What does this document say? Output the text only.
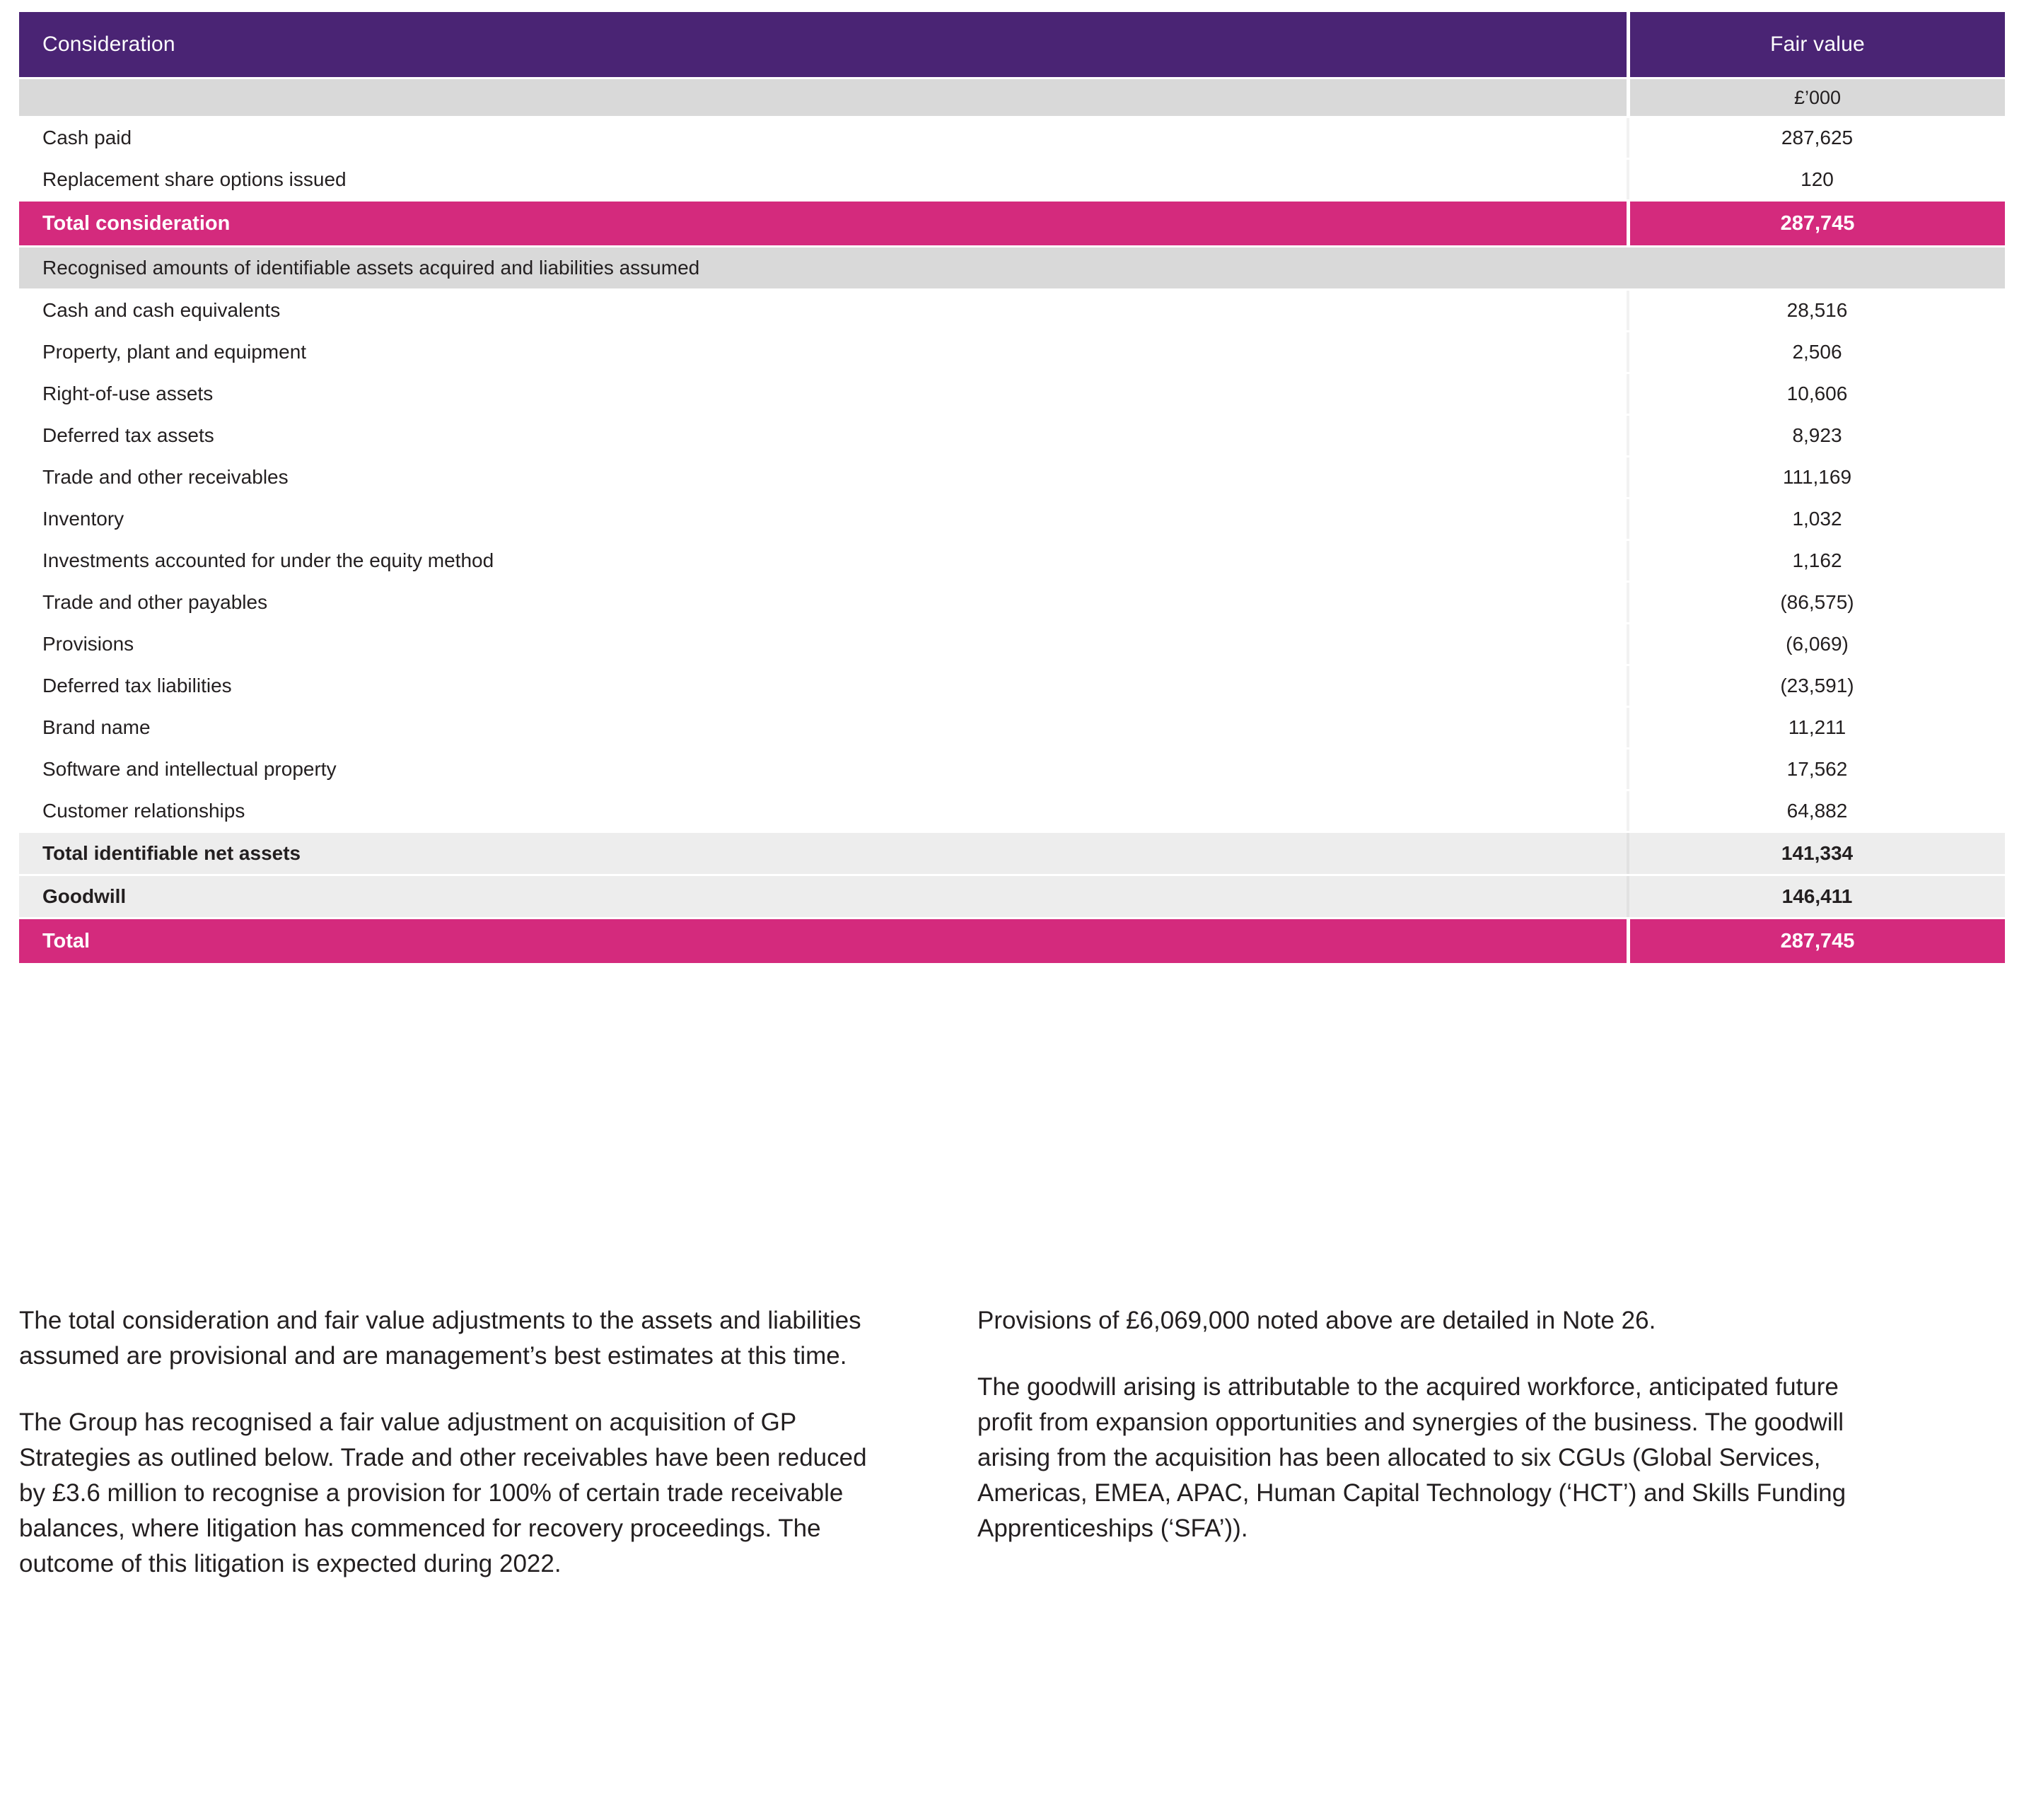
Consideration	Fair value
	£’000
Cash paid	287,625
Replacement share options issued	120
Total consideration	287,745
Recognised amounts of identifiable assets acquired and liabilities assumed	
Cash and cash equivalents	28,516
Property, plant and equipment	2,506
Right-of-use assets	10,606
Deferred tax assets	8,923
Trade and other receivables	111,169
Inventory	1,032
Investments accounted for under the equity method	1,162
Trade and other payables	(86,575)
Provisions	(6,069)
Deferred tax liabilities	(23,591)
Brand name	11,211
Software and intellectual property	17,562
Customer relationships	64,882
Total identifiable net assets	141,334
Goodwill	146,411
Total	287,745

The total consideration and fair value adjustments to the assets and liabilities assumed are provisional and are management’s best estimates at this time.

The Group has recognised a fair value adjustment on acquisition of GP Strategies as outlined below. Trade and other receivables have been reduced by £3.6 million to recognise a provision for 100% of certain trade receivable balances, where litigation has commenced for recovery proceedings. The outcome of this litigation is expected during 2022.

Provisions of £6,069,000 noted above are detailed in Note 26.

The goodwill arising is attributable to the acquired workforce, anticipated future profit from expansion opportunities and synergies of the business. The goodwill arising from the acquisition has been allocated to six CGUs (Global Services, Americas, EMEA, APAC, Human Capital Technology (‘HCT’) and Skills Funding Apprenticeships (‘SFA’)).
